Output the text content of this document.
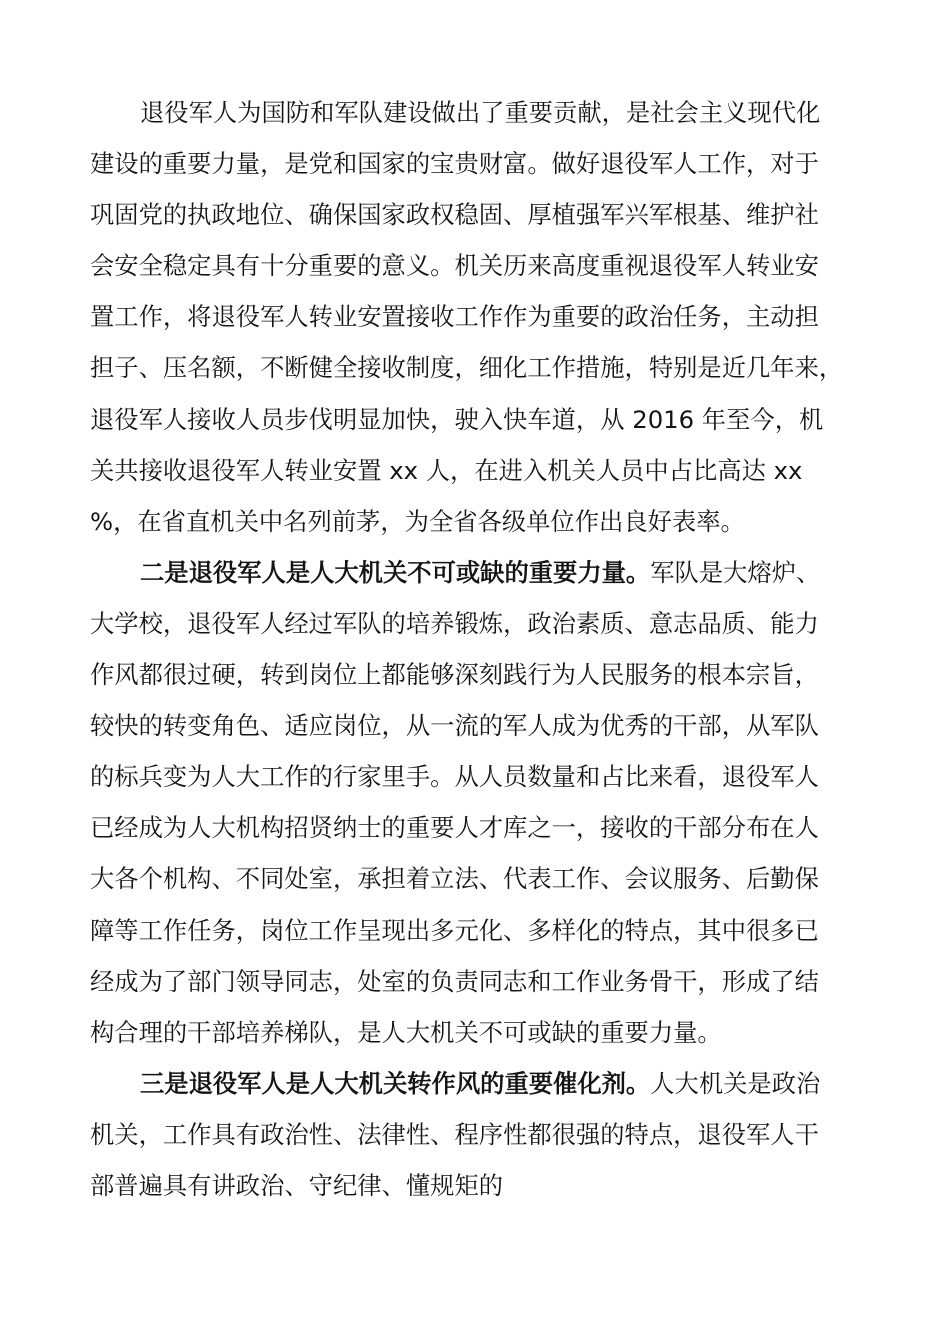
退役军人为国防和军队建设做出了重要贡献，是社会主义现代化
建设的重要力量，是党和国家的宝贵财富。做好退役军人工作，对于
巩固党的执政地位、确保国家政权稳固、厚植强军兴军根基、维护社
会安全稳定具有十分重要的意义。机关历来高度重视退役军人转业安
置工作，将退役军人转业安置接收工作作为重要的政治任务，主动担
担子、压名额，不断健全接收制度，细化工作措施，特别是近几年来，
退役军人接收人员步伐明显加快，驶入快车道，从 2016 年至今，机
关共接收退役军人转业安置 xx 人，在进入机关人员中占比高达 xx
%，在省直机关中名列前茅，为全省各级单位作出良好表率。
二是退役军人是人大机关不可或缺的重要力量。军队是大熔炉、
大学校，退役军人经过军队的培养锻炼，政治素质、意志品质、能力
作风都很过硬，转到岗位上都能够深刻践行为人民服务的根本宗旨，
较快的转变角色、适应岗位，从一流的军人成为优秀的干部，从军队
的标兵变为人大工作的行家里手。从人员数量和占比来看，退役军人
已经成为人大机构招贤纳士的重要人才库之一，接收的干部分布在人
大各个机构、不同处室，承担着立法、代表工作、会议服务、后勤保
障等工作任务，岗位工作呈现出多元化、多样化的特点，其中很多已
经成为了部门领导同志，处室的负责同志和工作业务骨干，形成了结
构合理的干部培养梯队，是人大机关不可或缺的重要力量。
三是退役军人是人大机关转作风的重要催化剂。人大机关是政治
机关，工作具有政治性、法律性、程序性都很强的特点，退役军人干
部普遍具有讲政治、守纪律、懂规矩的
